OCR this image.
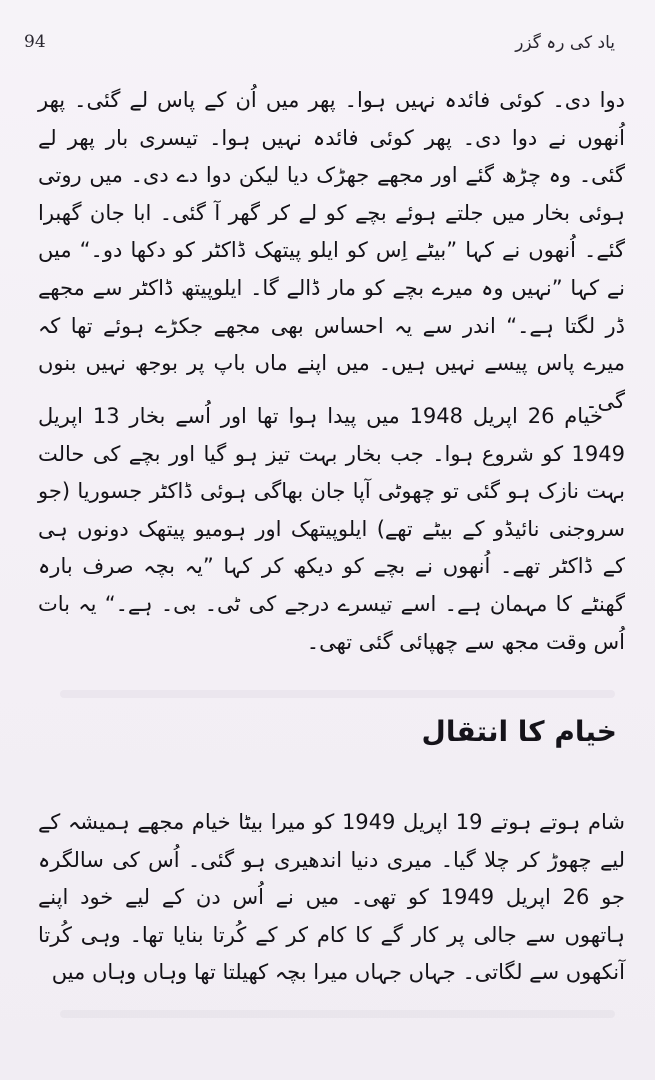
94	یاد کی رہ گزر

دوا دی۔ کوئی فائدہ نہیں ہوا۔ پھر میں اُن کے پاس لے گئی۔ پھر اُنھوں نے دوا دی۔ پھر کوئی فائدہ نہیں ہوا۔ تیسری بار پھر لے گئی۔ وہ چڑھ گئے اور مجھے جھڑک دیا لیکن دوا دے دی۔ میں روتی ہوئی بخار میں جلتے ہوئے بچے کو لے کر گھر آ گئی۔ ابا جان گھبرا گئے۔ اُنھوں نے کہا ”بیٹے اِس کو ایلو پیتھک ڈاکٹر کو دکھا دو۔“ میں نے کہا ”نہیں وہ میرے بچے کو مار ڈالے گا۔ ایلوپیتھ ڈاکٹر سے مجھے ڈر لگتا ہے۔“ اندر سے یہ احساس بھی مجھے جکڑے ہوئے تھا کہ میرے پاس پیسے نہیں ہیں۔ میں اپنے ماں باپ پر بوجھ نہیں بنوں گی۔

خیام 26 اپریل 1948 میں پیدا ہوا تھا اور اُسے بخار 13 اپریل 1949 کو شروع ہوا۔ جب بخار بہت تیز ہو گیا اور بچے کی حالت بہت نازک ہو گئی تو چھوٹی آپا جان بھاگی ہوئی ڈاکٹر جسوریا (جو سروجنی نائیڈو کے بیٹے تھے) ایلوپیتھک اور ہومیو پیتھک دونوں ہی کے ڈاکٹر تھے۔ اُنھوں نے بچے کو دیکھ کر کہا ”یہ بچہ صرف بارہ گھنٹے کا مہمان ہے۔ اسے تیسرے درجے کی ٹی۔ بی۔ ہے۔“ یہ بات اُس وقت مجھ سے چھپائی گئی تھی۔

خیام کا انتقال

شام ہوتے ہوتے 19 اپریل 1949 کو میرا بیٹا خیام مجھے ہمیشہ کے لیے چھوڑ کر چلا گیا۔ میری دنیا اندھیری ہو گئی۔ اُس کی سالگرہ جو 26 اپریل 1949 کو تھی۔ میں نے اُس دن کے لیے خود اپنے ہاتھوں سے جالی پر کار گے کا کام کر کے کُرتا بنایا تھا۔ وہی کُرتا آنکھوں سے لگاتی۔ جہاں جہاں میرا بچہ کھیلتا تھا وہاں وہاں میں
